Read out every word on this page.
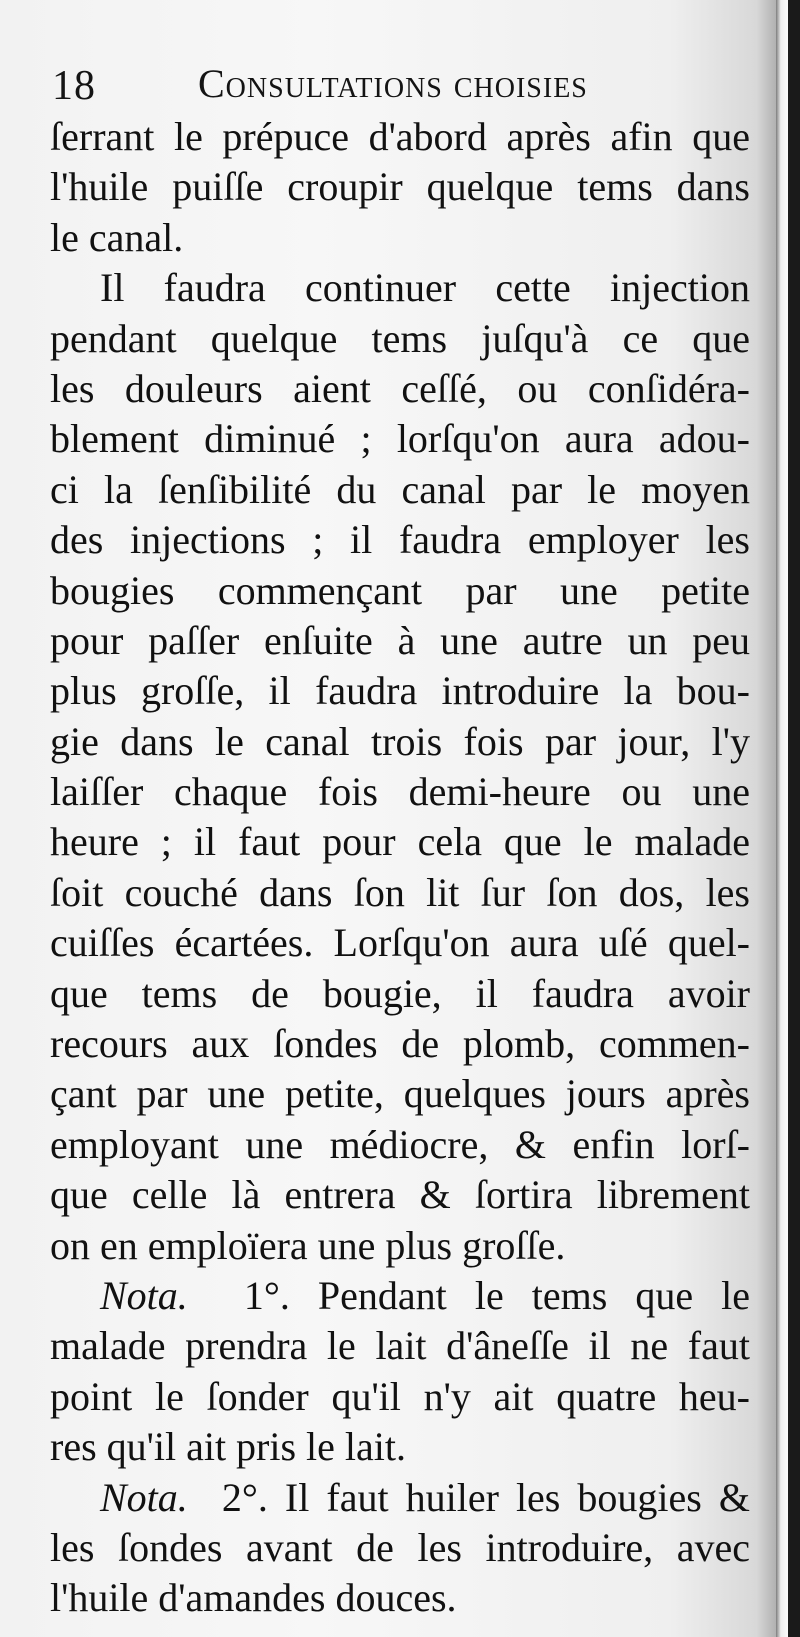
18	Consultations choisies
ſerrant le prépuce d'abord après afin que
l'huile puiſſe croupir quelque tems dans
le canal.
Il faudra continuer cette injection
pendant quelque tems juſqu'à ce que
les douleurs aient ceſſé, ou conſidéra-
blement diminué ; lorſqu'on aura adou-
ci la ſenſibilité du canal par le moyen
des injections ; il faudra employer les
bougies commençant par une petite
pour paſſer enſuite à une autre un peu
plus groſſe, il faudra introduire la bou-
gie dans le canal trois fois par jour, l'y
laiſſer chaque fois demi-heure ou une
heure ; il faut pour cela que le malade
ſoit couché dans ſon lit ſur ſon dos, les
cuiſſes écartées. Lorſqu'on aura uſé quel-
que tems de bougie, il faudra avoir
recours aux ſondes de plomb, commen-
çant par une petite, quelques jours après
employant une médiocre, & enfin lorſ-
que celle là entrera & ſortira librement
on en emploïera une plus groſſe.
Nota. 1°. Pendant le tems que le
malade prendra le lait d'âneſſe il ne faut
point le ſonder qu'il n'y ait quatre heu-
res qu'il ait pris le lait.
Nota. 2°. Il faut huiler les bougies &
les ſondes avant de les introduire, avec
l'huile d'amandes douces.
